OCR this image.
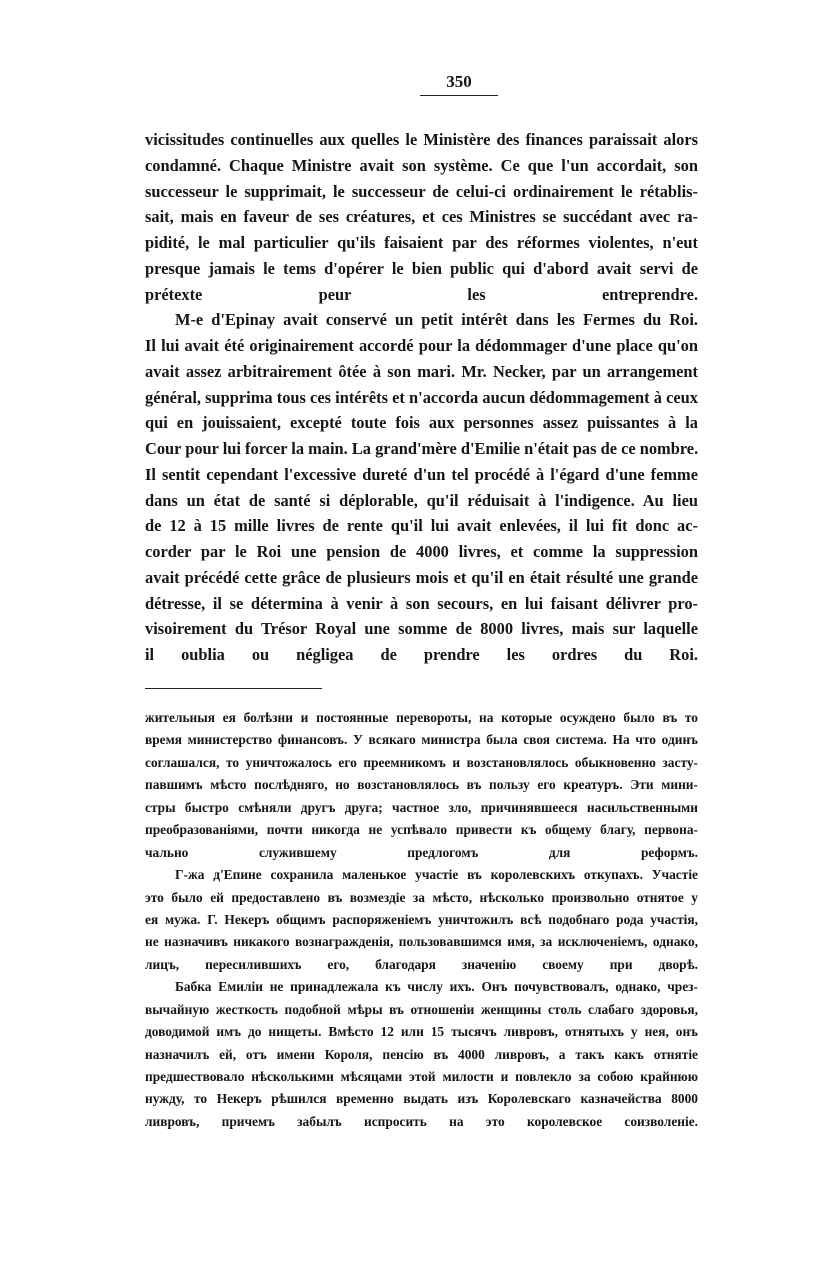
350
vicissitudes continuelles aux quelles le Ministère des finances paraissait alors
condamné. Chaque Ministre avait son système. Ce que l'un accordait, son
successeur le supprimait, le successeur de celui-ci ordinairement le rétablis-
sait, mais en faveur de ses créatures, et ces Ministres se succédant avec ra-
pidité, le mal particulier qu'ils faisaient par des réformes violentes, n'eut
presque jamais le tems d'opérer le bien public qui d'abord avait servi de
prétexte peur les entreprendre.
M-e d'Epinay avait conservé un petit intérêt dans les Fermes du Roi.
Il lui avait été originairement accordé pour la dédommager d'une place qu'on
avait assez arbitrairement ôtée à son mari. Mr. Necker, par un arrangement
général, supprima tous ces intérêts et n'accorda aucun dédommagement à ceux
qui en jouissaient, excepté toute fois aux personnes assez puissantes à la
Cour pour lui forcer la main. La grand'mère d'Emilie n'était pas de ce nombre.
Il sentit cependant l'excessive dureté d'un tel procédé à l'égard d'une femme
dans un état de santé si déplorable, qu'il réduisait à l'indigence. Au lieu
de 12 à 15 mille livres de rente qu'il lui avait enlevées, il lui fit donc ac-
corder par le Roi une pension de 4000 livres, et comme la suppression
avait précédé cette grâce de plusieurs mois et qu'il en était résulté une grande
détresse, il se détermina à venir à son secours, en lui faisant délivrer pro-
visoirement du Trésor Royal une somme de 8000 livres, mais sur laquelle
il oublia ou négligea de prendre les ordres du Roi.
жительныя ея болѣзни и постоянные перевороты, на которые осуждено было въ то
время министерство финансовъ. У всякаго министра была своя система. На что одинъ
соглашался, то уничтожалось его преемникомъ и возстановлялось обыкновенно засту-
павшимъ мѣсто послѣдняго, но возстановлялось въ пользу его креатуръ. Эти мини-
стры быстро смѣняли другъ друга; частное зло, причинявшееся насильственными
преобразованіями, почти никогда не успѣвало привести къ общему благу, первона-
чально служившему предлогомъ для реформъ.
Г-жа д'Епине сохранила маленькое участіе въ королевскихъ откупахъ. Участіе
это было ей предоставлено въ возмездіе за мѣсто, нѣсколько произвольно отнятое у
ея мужа. Г. Некеръ общимъ распоряженіемъ уничтожилъ всѣ подобнаго рода участія,
не назначивъ никакого вознагражденія, пользовавшимся имя, за исключеніемъ, однако,
лицъ, пересилившихъ его, благодаря значенію своему при дворѣ.
Бабка Емиліи не принадлежала къ числу ихъ. Онъ почувствовалъ, однако, чрез-
вычайную жесткость подобной мѣры въ отношеніи женщины столь слабаго здоровья,
доводимой имъ до нищеты. Вмѣсто 12 или 15 тысячъ ливровъ, отнятыхъ у нея, онъ
назначилъ ей, отъ имени Короля, пенсію въ 4000 ливровъ, а такъ какъ отнятіе
предшествовало нѣсколькими мѣсяцами этой милости и повлекло за собою крайнюю
нужду, то Некеръ рѣшился временно выдать изъ Королевскаго казначейства 8000
ливровъ, причемъ забылъ испросить на это королевское соизволеніе.
